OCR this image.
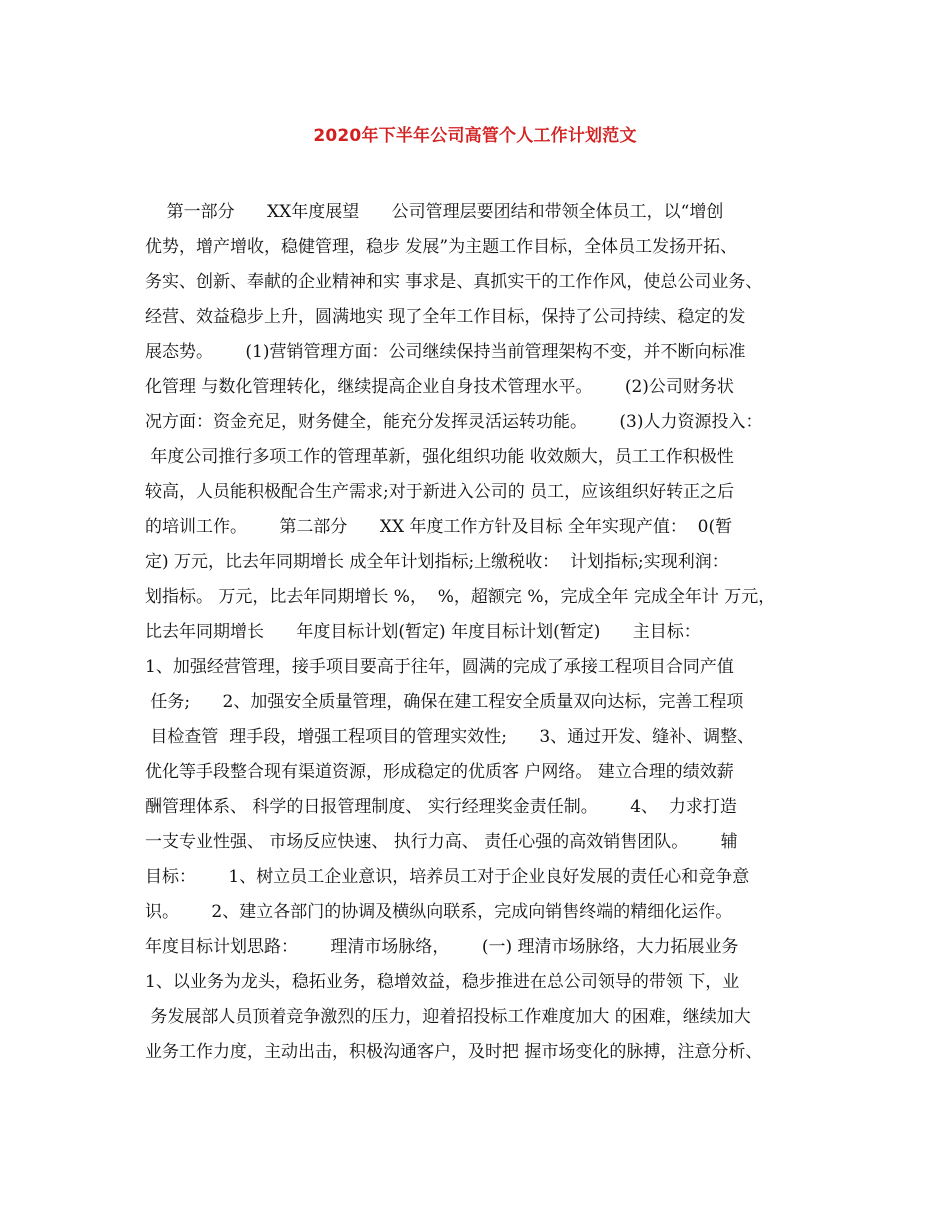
2020年下半年公司高管个人工作计划范文
第一部分      XX年度展望      公司管理层要团结和带领全体员工，以“增创
优势，增产增收，稳健管理，稳步 发展”为主题工作目标，全体员工发扬开拓、
务实、创新、奉献的企业精神和实 事求是、真抓实干的工作作风，使总公司业务、
经营、效益稳步上升，圆满地实 现了全年工作目标，保持了公司持续、稳定的发
展态势。      (1)营销管理方面：公司继续保持当前管理架构不变，并不断向标准
化管理 与数化管理转化，继续提高企业自身技术管理水平。      (2)公司财务状
况方面：资金充足，财务健全，能充分发挥灵活运转功能。      (3)人力资源投入：
年度公司推行多项工作的管理革新，强化组织功能 收效颇大，员工工作积极性
较高，人员能积极配合生产需求;对于新进入公司的 员工，应该组织好转正之后
的培训工作。      第二部分      XX 年度工作方针及目标 全年实现产值：  0(暂
定) 万元，比去年同期增长 成全年计划指标;上缴税收：  计划指标;实现利润：
划指标。 万元，比去年同期增长 %，  %，超额完 %，完成全年 完成全年计 万元，
比去年同期增长      年度目标计划(暂定) 年度目标计划(暂定)      主目标：
1、加强经营管理，接手项目要高于往年，圆满的完成了承接工程项目合同产值
任务;      2、加强安全质量管理，确保在建工程安全质量双向达标，完善工程项
目检查管  理手段，增强工程项目的管理实效性;      3、通过开发、缝补、调整、
优化等手段整合现有渠道资源，形成稳定的优质客 户网络。 建立合理的绩效薪
酬管理体系、 科学的日报管理制度、 实行经理奖金责任制。      4、  力求打造
一支专业性强、 市场反应快速、 执行力高、 责任心强的高效销售团队。      辅
目标：      1、树立员工企业意识，培养员工对于企业良好发展的责任心和竞争意
识。      2、建立各部门的协调及横纵向联系，完成向销售终端的精细化运作。
年度目标计划思路：      理清市场脉络，      (一) 理清市场脉络，大力拓展业务
1、以业务为龙头，稳拓业务，稳增效益，稳步推进在总公司领导的带领 下，业
务发展部人员顶着竞争激烈的压力，迎着招投标工作难度加大 的困难，继续加大
业务工作力度，主动出击，积极沟通客户，及时把 握市场变化的脉搏，注意分析、
